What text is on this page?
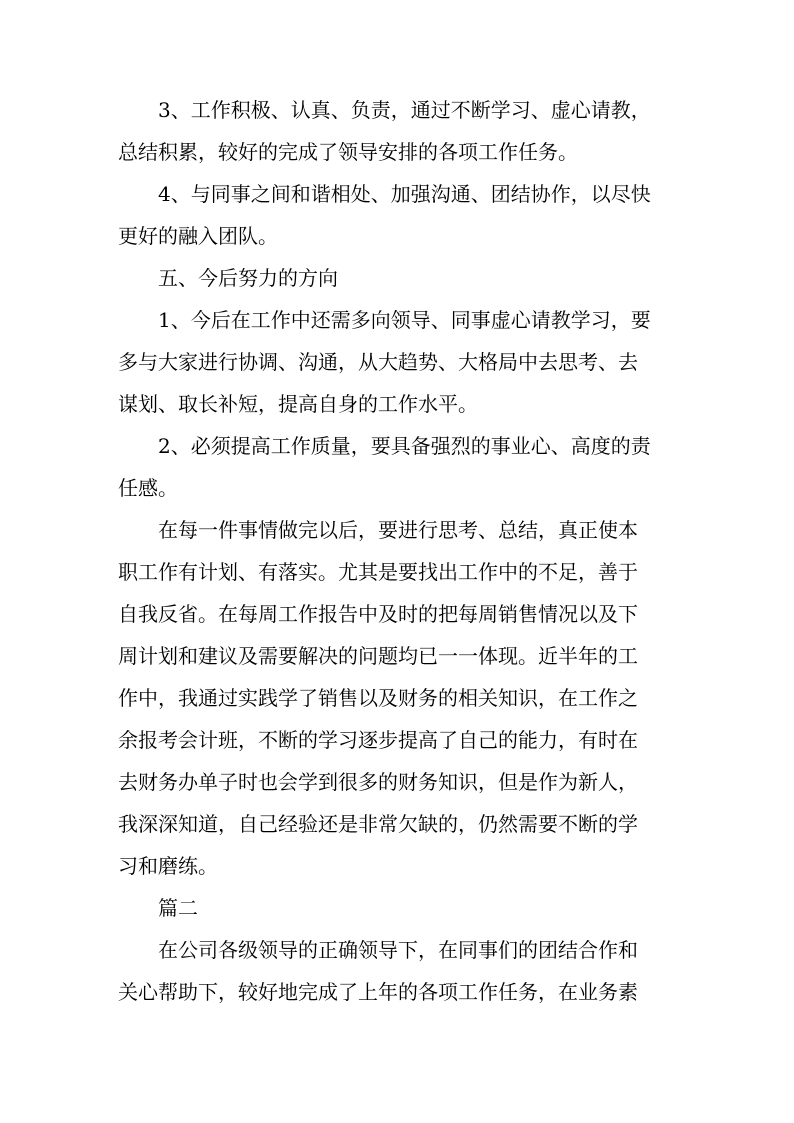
3、工作积极、认真、负责，通过不断学习、虚心请教，
总结积累，较好的完成了领导安排的各项工作任务。
4、与同事之间和谐相处、加强沟通、团结协作，以尽快
更好的融入团队。
五、今后努力的方向
1、今后在工作中还需多向领导、同事虚心请教学习，要
多与大家进行协调、沟通，从大趋势、大格局中去思考、去
谋划、取长补短，提高自身的工作水平。
2、必须提高工作质量，要具备强烈的事业心、高度的责
任感。
在每一件事情做完以后，要进行思考、总结，真正使本
职工作有计划、有落实。尤其是要找出工作中的不足，善于
自我反省。在每周工作报告中及时的把每周销售情况以及下
周计划和建议及需要解决的问题均已一一体现。近半年的工
作中，我通过实践学了销售以及财务的相关知识，在工作之
余报考会计班，不断的学习逐步提高了自己的能力，有时在
去财务办单子时也会学到很多的财务知识，但是作为新人，
我深深知道，自己经验还是非常欠缺的，仍然需要不断的学
习和磨练。
篇二
在公司各级领导的正确领导下，在同事们的团结合作和
关心帮助下，较好地完成了上年的各项工作任务，在业务素
